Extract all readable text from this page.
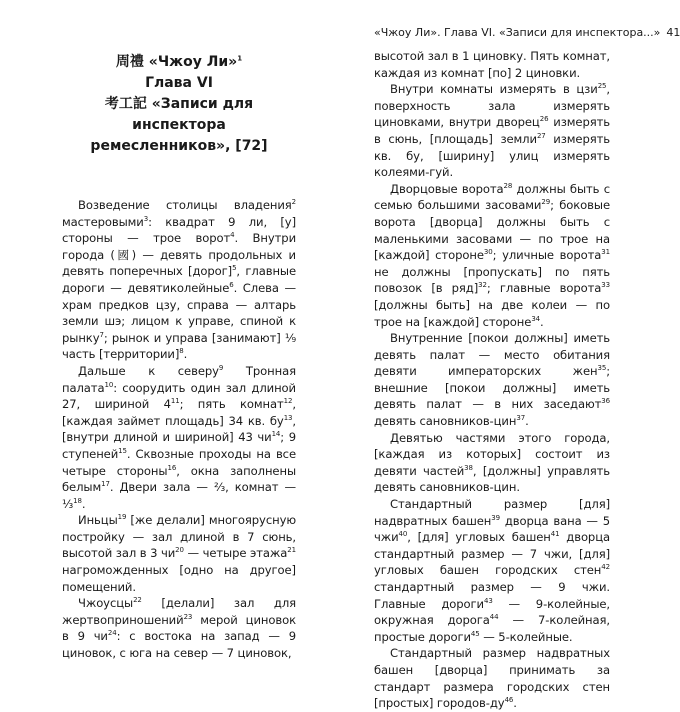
周禮 «Чжоу Ли»$^1$
Глава VI
考工記 «Записи для инспектора
ремесленников», [72]

Возведение столицы владения$^2$ мастеровыми$^3$: квадрат 9 ли, [у] стороны — трое ворот$^4$. Внутри города (國) — девять продольных и девять поперечных [дорог]$^5$, главные дороги — девятиколейные$^6$. Слева — храм предков цзу, справа — алтарь земли шэ; лицом к управе, спиной к рынку$^7$; рынок и управа [занимают] ⅑ часть [территории]$^8$.

Дальше к северу$^9$ Тронная палата$^{10}$: соорудить один зал длиной 27, шириной $4^{11}$; пять комнат$^{12}$, [каждая займет площадь] 34 кв. $бу^{13}$, [внутри длиной и шириной] 43 $чи^{14}$; 9 ступеней$^{15}$. Сквозные проходы на все четыре стороны$^{16}$, окна заполнены белым$^{17}$. Двери зала — ⅔, комнат — ⅓$^{18}$.

Иньцы$^{19}$ [же делали] многоярусную постройку — зал длиной в 7 сюнь, высотой зал в 3 $чи^{20}$ — четыре этажа$^{21}$ нагроможденных [одно на другое] помещений.

Чжоусцы$^{22}$ [делали] зал для жертвоприношений$^{23}$ мерой циновок в 9 $чи^{24}$: с востока на запад — 9 циновок, с юга на север — 7 циновок,

«Чжоу Ли». Глава VI. «Записи для инспектора...» 41

высотой зал в 1 циновку. Пять комнат, каждая из комнат [по] 2 циновки.

Внутри комнаты измерять в цзи$^{25}$, поверхность зала измерять циновками, внутри дворец$^{26}$ измерять в сюнь, [площадь] земли$^{27}$ измерять кв. бу, [ширину] улиц измерять колеями-гуй.

Дворцовые ворота$^{28}$ должны быть с семью большими засовами$^{29}$; боковые ворота [дворца] должны быть с маленькими засовами — по трое на [каждой] стороне$^{30}$; уличные ворота$^{31}$ не должны [пропускать] по пять повозок [в ряд]$^{32}$; главные ворота$^{33}$ [должны быть] на две колеи — по трое на [каждой] стороне$^{34}$.

Внутренние [покои должны] иметь девять палат — место обитания девяти императорских жен$^{35}$; внешние [покои должны] иметь девять палат — в них заседают$^{36}$ девять сановников-цин$^{37}$.

Девятью частями этого города, [каждая из которых] состоит из девяти частей$^{38}$, [должны] управлять девять сановников-цин.

Стандартный размер [для] надвратных башен$^{39}$ дворца вана — 5 чжи$^{40}$, [для] угловых башен$^{41}$ дворца стандартный размер — 7 чжи, [для] угловых башен городских стен$^{42}$ стандартный размер — 9 чжи. Главные дороги$^{43}$ — 9-колейные, окружная дорога$^{44}$ — 7-колейная, простые дороги$^{45}$ — 5-колейные.

Стандартный размер надвратных башен [дворца] принимать за стандарт размера городских стен [простых] городов-$ду^{46}$.
